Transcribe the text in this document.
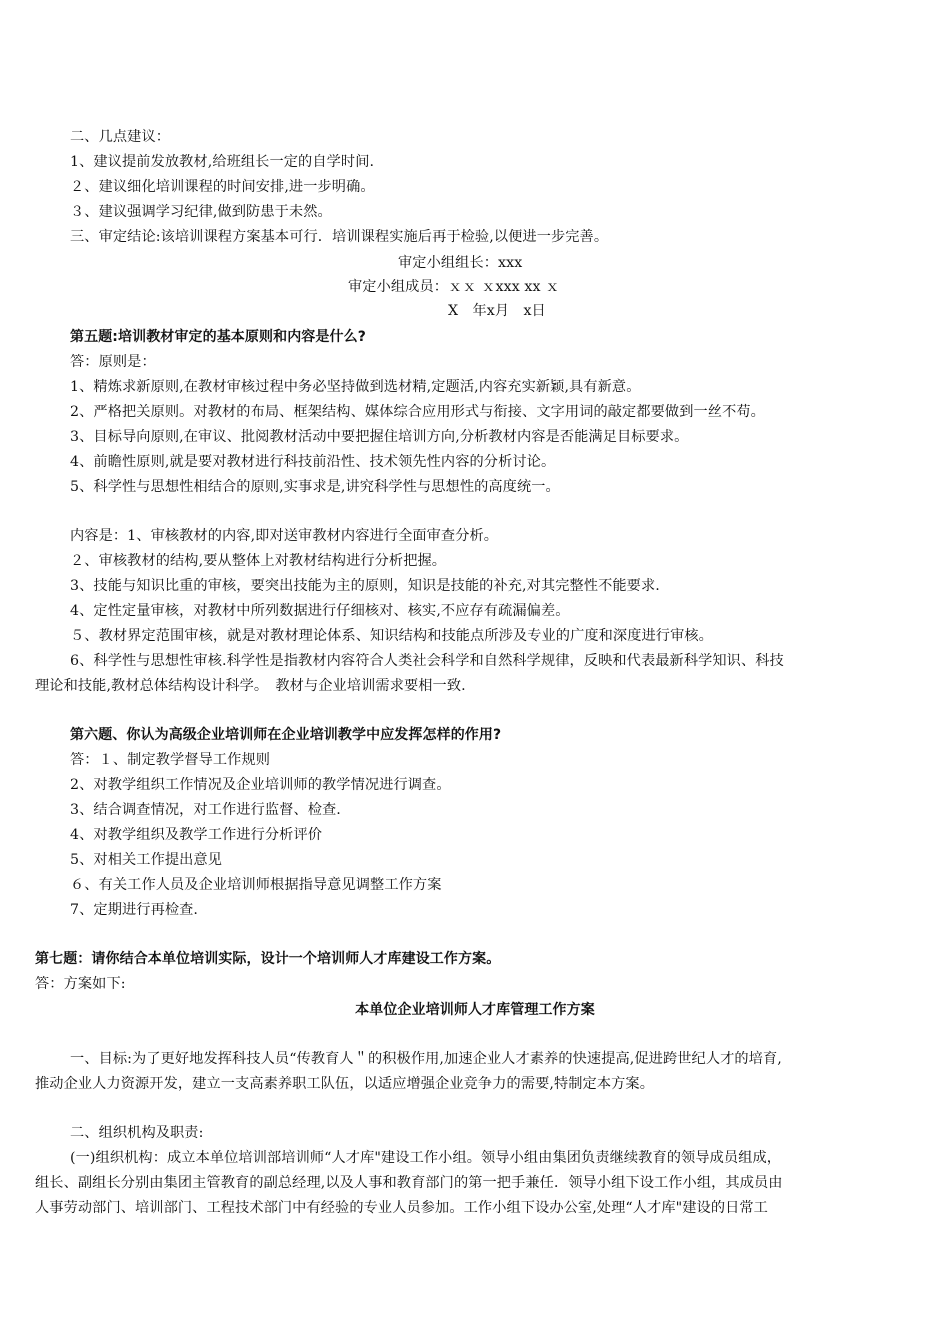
二、几点建议：
1、建议提前发放教材,给班组长一定的自学时间.
２、建议细化培训课程的时间安排,进一步明确。
３、建议强调学习纪律,做到防患于未然。
三、审定结论:该培训课程方案基本可行．培训课程实施后再于检验,以便进一步完善。
审定小组组长：xxx
审定小组成员：ｘｘ ｘxxx xx ｘ
X　年x月　x日
第五题:培训教材审定的基本原则和内容是什么?
答：原则是：
1、精炼求新原则,在教材审核过程中务必坚持做到选材精,定题活,内容充实新颖,具有新意。
2、严格把关原则。对教材的布局、框架结构、媒体综合应用形式与衔接、文字用词的敲定都要做到一丝不苟。
3、目标导向原则,在审议、批阅教材活动中要把握住培训方向,分析教材内容是否能满足目标要求。
4、前瞻性原则,就是要对教材进行科技前沿性、技术领先性内容的分析讨论。
5、科学性与思想性相结合的原则,实事求是,讲究科学性与思想性的高度统一。
内容是：1、审核教材的内容,即对送审教材内容进行全面审查分析。
２、审核教材的结构,要从整体上对教材结构进行分析把握。
3、技能与知识比重的审核，要突出技能为主的原则，知识是技能的补充,对其完整性不能要求.
4、定性定量审核，对教材中所列数据进行仔细核对、核实,不应存有疏漏偏差。
５、教材界定范围审核，就是对教材理论体系、知识结构和技能点所涉及专业的广度和深度进行审核。
6、科学性与思想性审核.科学性是指教材内容符合人类社会科学和自然科学规律，反映和代表最新科学知识、科技
理论和技能,教材总体结构设计科学。　教材与企业培训需求要相一致.
第六题、你认为高级企业培训师在企业培训教学中应发挥怎样的作用?
答：１、制定教学督导工作规则
2、对教学组织工作情况及企业培训师的教学情况进行调查。
3、结合调查情况，对工作进行监督、检查.
4、对教学组织及教学工作进行分析评价
5、对相关工作提出意见
６、有关工作人员及企业培训师根据指导意见调整工作方案
7、定期进行再检查.
第七题：请你结合本单位培训实际，设计一个培训师人才库建设工作方案。
答：方案如下:
本单位企业培训师人才库管理工作方案
一、目标:为了更好地发挥科技人员“传教育人＂的积极作用,加速企业人才素养的快速提高,促进跨世纪人才的培育,
推动企业人力资源开发，建立一支高素养职工队伍，以适应增强企业竞争力的需要,特制定本方案。
二、组织机构及职责:
(一)组织机构：成立本单位培训部培训师“人才库"建设工作小组。领导小组由集团负责继续教育的领导成员组成，
组长、副组长分别由集团主管教育的副总经理,以及人事和教育部门的第一把手兼任．领导小组下设工作小组，其成员由
人事劳动部门、培训部门、工程技术部门中有经验的专业人员参加。工作小组下设办公室,处理“人才库"建设的日常工
